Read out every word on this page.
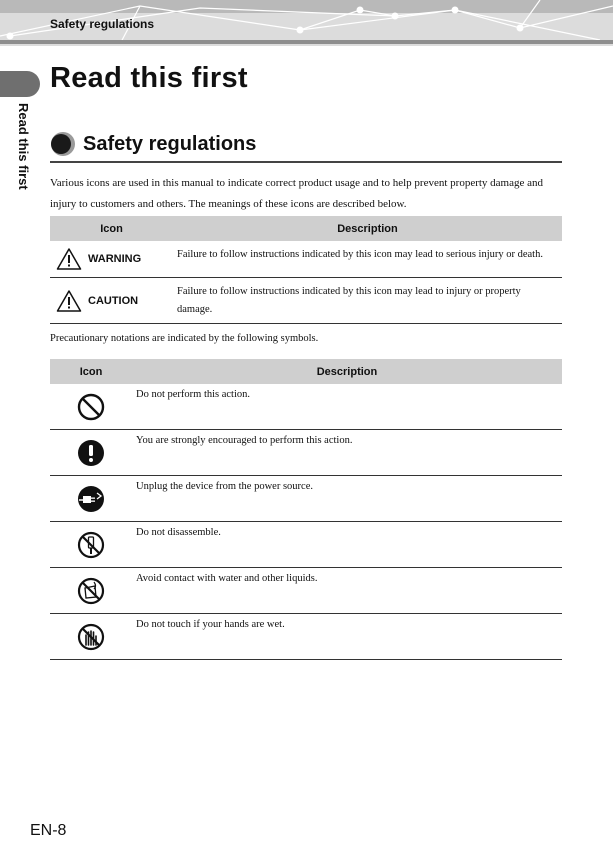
Safety regulations
Read this first
Read this first
Safety regulations
Various icons are used in this manual to indicate correct product usage and to help prevent property damage and injury to customers and others. The meanings of these icons are described below.
Icon	Description

WARNING	Failure to follow instructions indicated by this icon may lead to serious injury or death.

CAUTION	Failure to follow instructions indicated by this icon may lead to injury or property damage.
Precautionary notations are indicated by the following symbols.
Icon	Description
	Do not perform this action.
	You are strongly encouraged to perform this action.
	Unplug the device from the power source.
	Do not disassemble.
	Avoid contact with water and other liquids.
	Do not touch if your hands are wet.
EN-8
